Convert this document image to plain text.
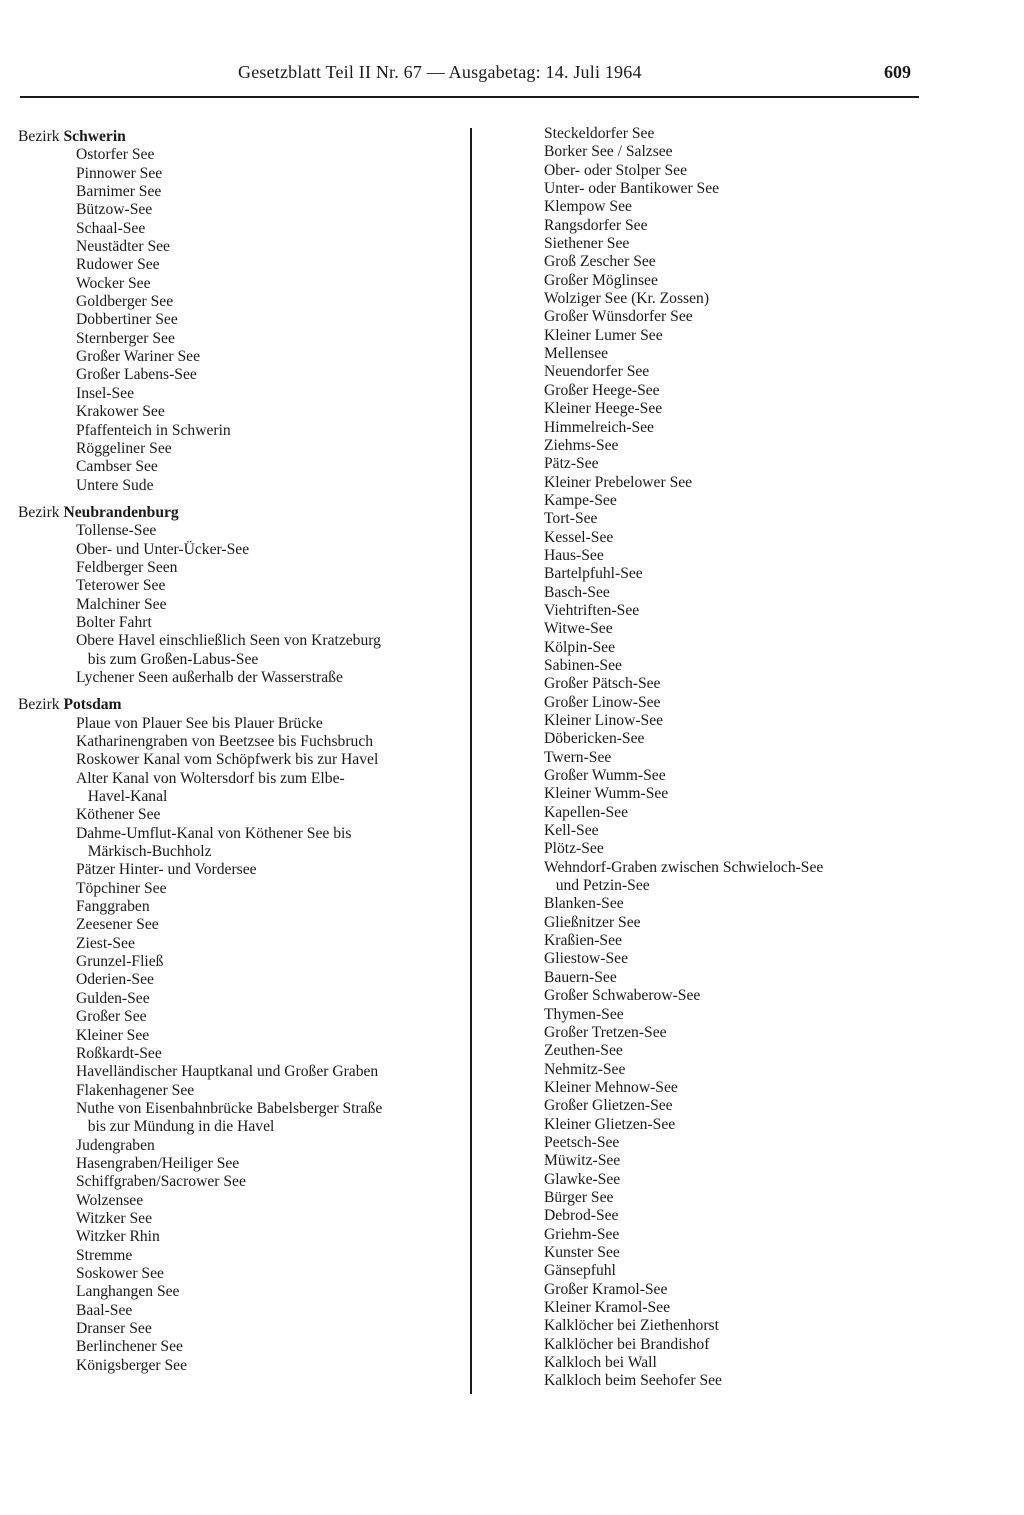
Gesetzblatt Teil II Nr. 67 — Ausgabetag: 14. Juli 1964	609
Bezirk Schwerin
Ostorfer See
Pinnower See
Barnimer See
Bützow-See
Schaal-See
Neustädter See
Rudower See
Wocker See
Goldberger See
Dobbertiner See
Sternberger See
Großer Wariner See
Großer Labens-See
Insel-See
Krakower See
Pfaffenteich in Schwerin
Röggeliner See
Cambser See
Untere Sude
Bezirk Neubrandenburg
Tollense-See
Ober- und Unter-Ücker-See
Feldberger Seen
Teterower See
Malchiner See
Bolter Fahrt
Obere Havel einschließlich Seen von Kratzeburg
bis zum Großen-Labus-See
Lychener Seen außerhalb der Wasserstraße
Bezirk Potsdam
Plaue von Plauer See bis Plauer Brücke
Katharinengraben von Beetzsee bis Fuchsbruch
Roskower Kanal vom Schöpfwerk bis zur Havel
Alter Kanal von Woltersdorf bis zum Elbe-
Havel-Kanal
Köthener See
Dahme-Umflut-Kanal von Köthener See bis
Märkisch-Buchholz
Pätzer Hinter- und Vordersee
Töpchiner See
Fanggraben
Zeesener See
Ziest-See
Grunzel-Fließ
Oderien-See
Gulden-See
Großer See
Kleiner See
Roßkardt-See
Havelländischer Hauptkanal und Großer Graben
Flakenhagener See
Nuthe von Eisenbahnbrücke Babelsberger Straße
bis zur Mündung in die Havel
Judengraben
Hasengraben/Heiliger See
Schiffgraben/Sacrower See
Wolzensee
Witzker See
Witzker Rhin
Stremme
Soskower See
Langhangen See
Baal-See
Dranser See
Berlinchener See
Königsberger See
Steckeldorfer See
Borker See / Salzsee
Ober- oder Stolper See
Unter- oder Bantikower See
Klempow See
Rangsdorfer See
Siethener See
Groß Zescher See
Großer Möglinsee
Wolziger See (Kr. Zossen)
Großer Wünsdorfer See
Kleiner Lumer See
Mellensee
Neuendorfer See
Großer Heege-See
Kleiner Heege-See
Himmelreich-See
Ziehms-See
Pätz-See
Kleiner Prebelower See
Kampe-See
Tort-See
Kessel-See
Haus-See
Bartelpfuhl-See
Basch-See
Viehtriften-See
Witwe-See
Kölpin-See
Sabinen-See
Großer Pätsch-See
Großer Linow-See
Kleiner Linow-See
Döbericken-See
Twern-See
Großer Wumm-See
Kleiner Wumm-See
Kapellen-See
Kell-See
Plötz-See
Wehndorf-Graben zwischen Schwieloch-See
und Petzin-See
Blanken-See
Gließnitzer See
Kraßien-See
Gliestow-See
Bauern-See
Großer Schwaberow-See
Thymen-See
Großer Tretzen-See
Zeuthen-See
Nehmitz-See
Kleiner Mehnow-See
Großer Glietzen-See
Kleiner Glietzen-See
Peetsch-See
Müwitz-See
Glawke-See
Bürger See
Debrod-See
Griehm-See
Kunster See
Gänsepfuhl
Großer Kramol-See
Kleiner Kramol-See
Kalklöcher bei Ziethenhorst
Kalklöcher bei Brandishof
Kalkloch bei Wall
Kalkloch beim Seehofer See
